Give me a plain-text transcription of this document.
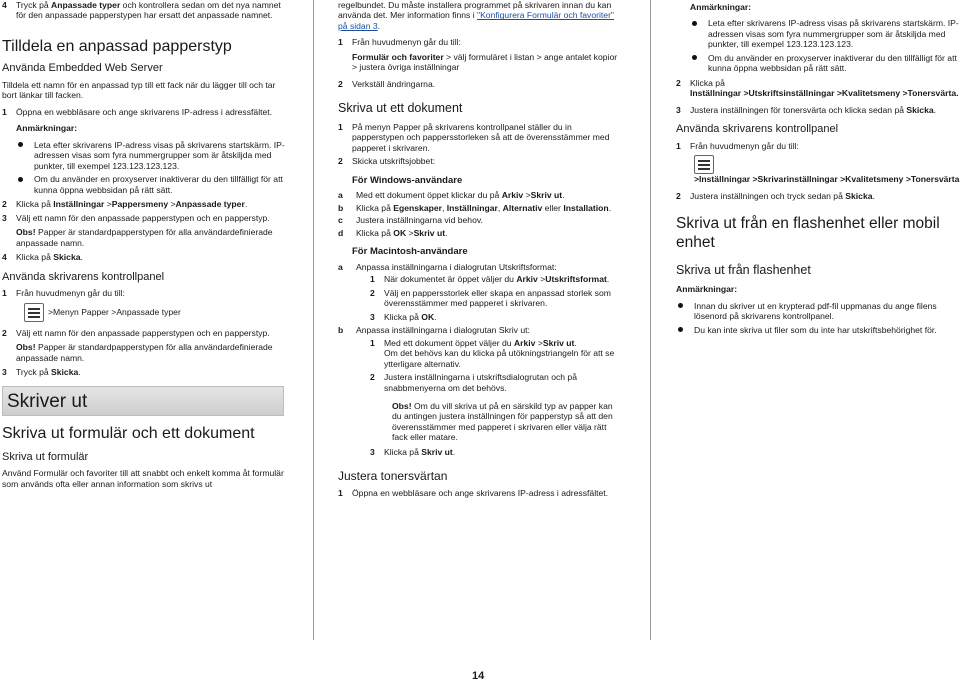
4	Tryck på Anpassade typer och kontrollera sedan om det nya namnet för den anpassade papperstypen har ersatt det anpassade namnet.

Tilldela en anpassad papperstyp
Använda Embedded Web Server

Tilldela ett namn för en anpassad typ till ett fack när du lägger till och tar bort länkar till facken.

1	Öppna en webbläsare och ange skrivarens IP-adress i adressfältet.

Anmärkningar:

Leta efter skrivarens IP-adress visas på skrivarens startskärm. IP-adressen visas som fyra nummergrupper som är åtskiljda med punkter, till exempel 123.123.123.123.

Om du använder en proxyserver inaktiverar du den tillfälligt för att kunna öppna webbsidan på rätt sätt.

2	Klicka på Inställningar >Pappersmeny >Anpassade typer.

3	Välj ett namn för den anpassade papperstypen och en papperstyp.

Obs! Papper är standardpapperstypen för alla användardefinierade anpassade namn.

4	Klicka på Skicka.

Använda skrivarens kontrollpanel
1	Från huvudmenyn går du till:

>Menyn Papper >Anpassade typer
2	Välj ett namn för den anpassade papperstypen och en papperstyp.

Obs! Papper är standardpapperstypen för alla användardefinierade anpassade namn.

3	Tryck på Skicka.

Skriver ut
Skriva ut formulär och ett dokument
Skriva ut formulär

Använd Formulär och favoriter till att snabbt och enkelt komma åt formulär som används ofta eller annan information som skrivs ut

regelbundet. Du måste installera programmet på skrivaren innan du kan använda det. Mer information finns i "Konfigurera Formulär och favoriter" på sidan 3.

1	Från huvudmenyn går du till:

Formulär och favoriter > välj formuläret i listan > ange antalet kopior > justera övriga inställningar

2	Verkställ ändringarna.

Skriva ut ett dokument
1	På menyn Papper på skrivarens kontrollpanel ställer du in papperstypen och pappersstorleken så att de överensstämmer med papperet i skrivaren.

2	Skicka utskriftsjobbet:

För Windows-användare
a	Med ett dokument öppet klickar du på Arkiv >Skriv ut.

b	Klicka på Egenskaper, Inställningar, Alternativ eller Installation.

c	Justera inställningarna vid behov.

d	Klicka på OK >Skriv ut.

För Macintosh-användare
a	Anpassa inställningarna i dialogrutan Utskriftsformat:

1	När dokumentet är öppet väljer du Arkiv >Utskriftsformat.

2	Välj en pappersstorlek eller skapa en anpassad storlek som överensstämmer med papperet i skrivaren.

3	Klicka på OK.

b	Anpassa inställningarna i dialogrutan Skriv ut:

1	Med ett dokument öppet väljer du Arkiv >Skriv ut.
Om det behövs kan du klicka på utökningstriangeln för att se ytterligare alternativ.

2	Justera inställningarna i utskriftsdialogrutan och på snabbmenyerna om det behövs.

Obs! Om du vill skriva ut på en särskild typ av papper kan du antingen justera inställningen för papperstyp så att den överensstämmer med papperet i skrivaren eller välja rätt fack eller matare.

3	Klicka på Skriv ut.

Justera tonersvärtan
1	Öppna en webbläsare och ange skrivarens IP-adress i adressfältet.

Anmärkningar:

Leta efter skrivarens IP-adress visas på skrivarens startskärm. IP-adressen visas som fyra nummergrupper som är åtskiljda med punkter, till exempel 123.123.123.123.

Om du använder en proxyserver inaktiverar du den tillfälligt för att kunna öppna webbsidan på rätt sätt.

2	Klicka på
Inställningar >Utskriftsinställningar >Kvalitetsmeny >Tonersvärta.

3	Justera inställningen för tonersvärta och klicka sedan på Skicka.

Använda skrivarens kontrollpanel
1	Från huvudmenyn går du till:

>Inställningar >Skrivarinställningar >Kvalitetsmeny >Tonersvärta
2	Justera inställningen och tryck sedan på Skicka.

Skriva ut från en flashenhet eller mobil enhet
Skriva ut från flashenhet
Anmärkningar:

Innan du skriver ut en krypterad pdf-fil uppmanas du ange filens lösenord på skrivarens kontrollpanel.

Du kan inte skriva ut filer som du inte har utskriftsbehörighet för.

14
